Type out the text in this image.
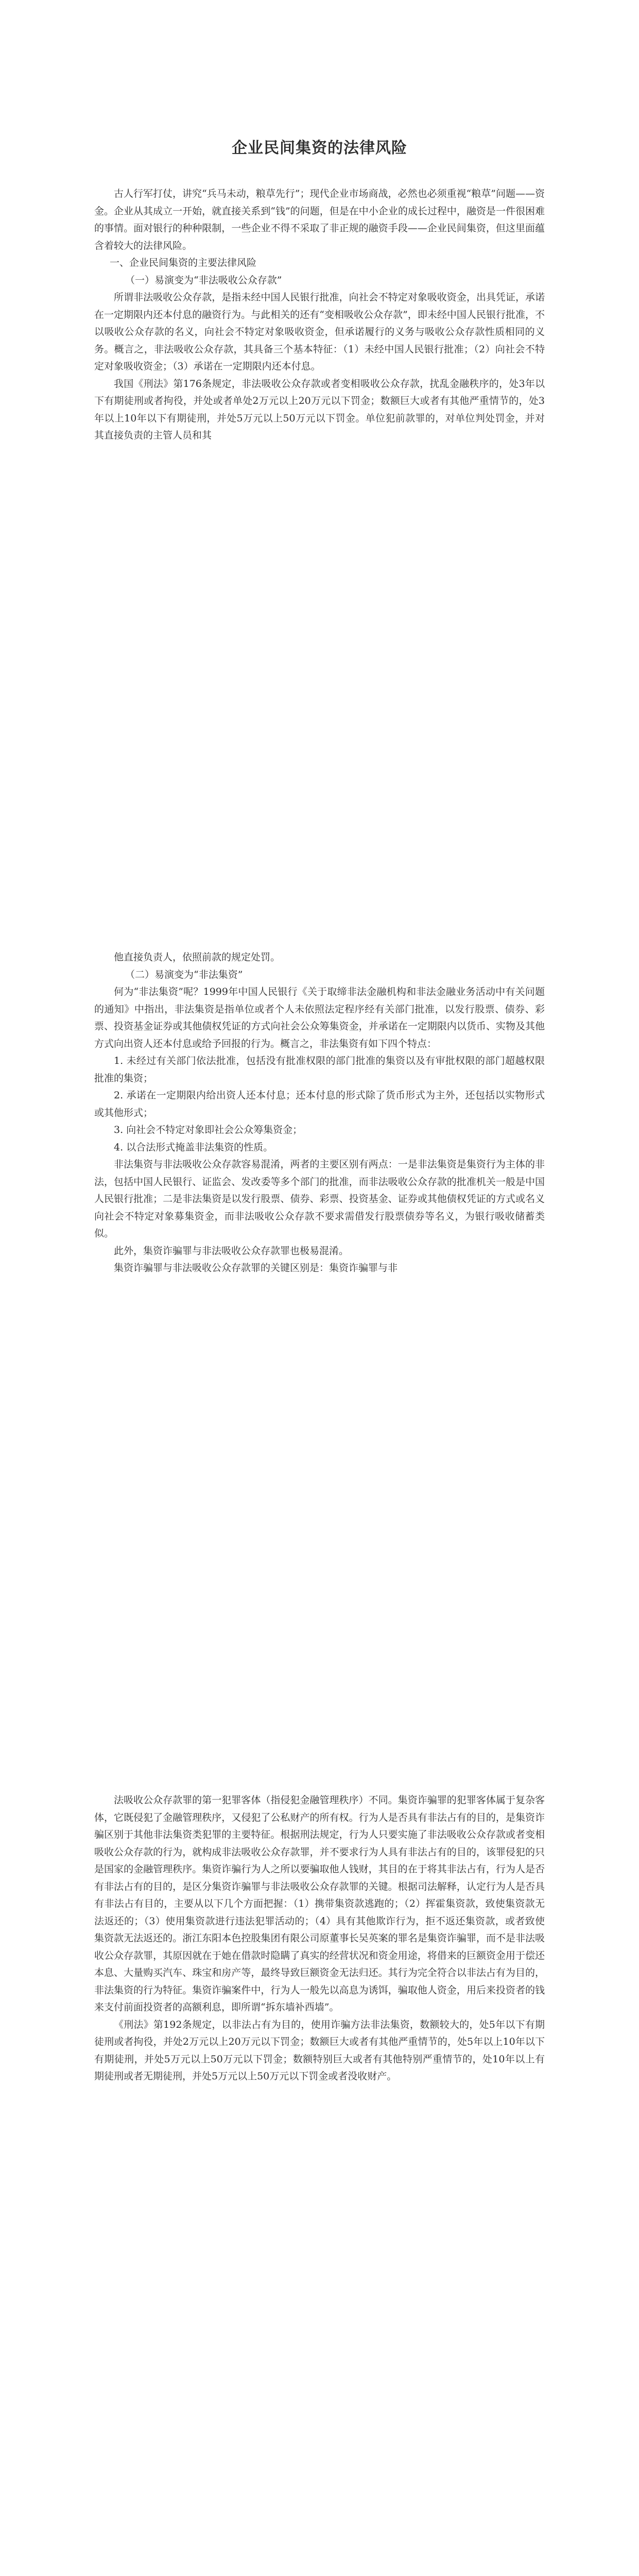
企业民间集资的法律风险

古人行军打仗，讲究“兵马未动，粮草先行”；现代企业市场商战，必然也必须重视“粮草”问题——资金。企业从其成立一开始，就直接关系到“钱”的问题，但是在中小企业的成长过程中，融资是一件很困难的事情。面对银行的种种限制，一些企业不得不采取了非正规的融资手段——企业民间集资，但这里面蕴含着较大的法律风险。

一、企业民间集资的主要法律风险

（一）易演变为“非法吸收公众存款”

所谓非法吸收公众存款，是指未经中国人民银行批准，向社会不特定对象吸收资金，出具凭证，承诺在一定期限内还本付息的融资行为。与此相关的还有“变相吸收公众存款”，即未经中国人民银行批准，不以吸收公众存款的名义，向社会不特定对象吸收资金，但承诺履行的义务与吸收公众存款性质相同的义务。概言之，非法吸收公众存款，其具备三个基本特征：（1）未经中国人民银行批准；（2）向社会不特定对象吸收资金；（3）承诺在一定期限内还本付息。

我国《刑法》第176条规定，非法吸收公众存款或者变相吸收公众存款，扰乱金融秩序的，处3年以下有期徒刑或者拘役，并处或者单处2万元以上20万元以下罚金；数额巨大或者有其他严重情节的，处3年以上10年以下有期徒刑，并处5万元以上50万元以下罚金。单位犯前款罪的，对单位判处罚金，并对其直接负责的主管人员和其

他直接负责人，依照前款的规定处罚。

（二）易演变为“非法集资”

何为“非法集资”呢？1999年中国人民银行《关于取缔非法金融机构和非法金融业务活动中有关问题的通知》中指出，非法集资是指单位或者个人未依照法定程序经有关部门批准，以发行股票、债券、彩票、投资基金证券或其他债权凭证的方式向社会公众筹集资金，并承诺在一定期限内以货币、实物及其他方式向出资人还本付息或给予回报的行为。概言之，非法集资有如下四个特点：

1. 未经过有关部门依法批准，包括没有批准权限的部门批准的集资以及有审批权限的部门超越权限批准的集资；

2. 承诺在一定期限内给出资人还本付息；还本付息的形式除了货币形式为主外，还包括以实物形式或其他形式；

3. 向社会不特定对象即社会公众筹集资金；

4. 以合法形式掩盖非法集资的性质。

非法集资与非法吸收公众存款容易混淆，两者的主要区别有两点：一是非法集资是集资行为主体的非法，包括中国人民银行、证监会、发改委等多个部门的批准，而非法吸收公众存款的批准机关一般是中国人民银行批准；二是非法集资是以发行股票、债券、彩票、投资基金、证券或其他债权凭证的方式或名义向社会不特定对象募集资金，而非法吸收公众存款不要求需借发行股票债券等名义，为银行吸收储蓄类似。

此外，集资诈骗罪与非法吸收公众存款罪也极易混淆。

集资诈骗罪与非法吸收公众存款罪的关键区别是：集资诈骗罪与非

法吸收公众存款罪的第一犯罪客体（指侵犯金融管理秩序）不同。集资诈骗罪的犯罪客体属于复杂客体，它既侵犯了金融管理秩序，又侵犯了公私财产的所有权。行为人是否具有非法占有的目的，是集资诈骗区别于其他非法集资类犯罪的主要特征。根据刑法规定，行为人只要实施了非法吸收公众存款或者变相吸收公众存款的行为，就构成非法吸收公众存款罪，并不要求行为人具有非法占有的目的，该罪侵犯的只是国家的金融管理秩序。集资诈骗行为人之所以要骗取他人钱财，其目的在于将其非法占有，行为人是否有非法占有的目的，是区分集资诈骗罪与非法吸收公众存款罪的关键。根据司法解释，认定行为人是否具有非法占有目的，主要从以下几个方面把握：（1）携带集资款逃跑的；（2）挥霍集资款，致使集资款无法返还的；（3）使用集资款进行违法犯罪活动的；（4）具有其他欺诈行为，拒不返还集资款，或者致使集资款无法返还的。浙江东阳本色控股集团有限公司原董事长吴英案的罪名是集资诈骗罪，而不是非法吸收公众存款罪，其原因就在于她在借款时隐瞒了真实的经营状况和资金用途，将借来的巨额资金用于偿还本息、大量购买汽车、珠宝和房产等，最终导致巨额资金无法归还。其行为完全符合以非法占有为目的，非法集资的行为特征。集资诈骗案件中，行为人一般先以高息为诱饵，骗取他人资金，用后来投资者的钱来支付前面投资者的高额利息，即所谓“拆东墙补西墙”。

《刑法》第192条规定，以非法占有为目的，使用诈骗方法非法集资，数额较大的，处5年以下有期徒刑或者拘役，并处2万元以上20万元以下罚金；数额巨大或者有其他严重情节的，处5年以上10年以下有期徒刑，并处5万元以上50万元以下罚金；数额特别巨大或者有其他特别严重情节的，处10年以上有期徒刑或者无期徒刑，并处5万元以上50万元以下罚金或者没收财产。
